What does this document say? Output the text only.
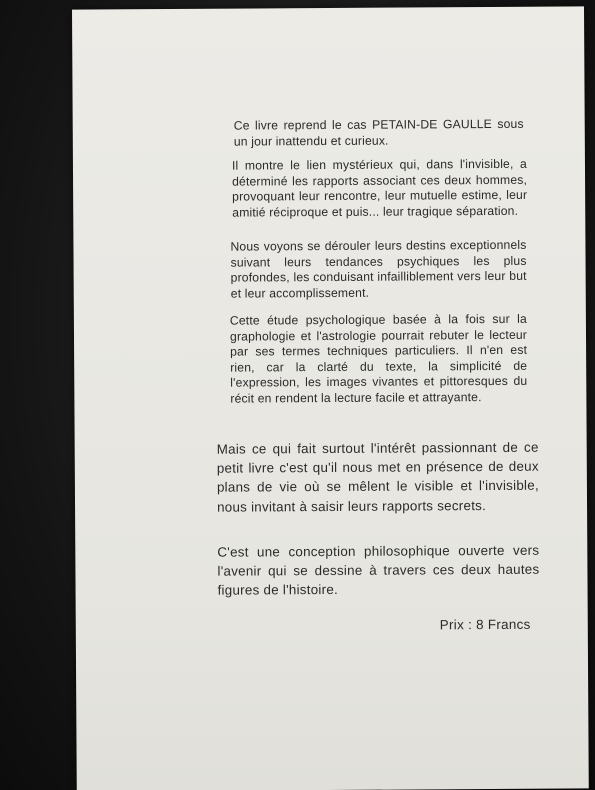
Ce livre reprend le cas PETAIN-DE GAULLE sous un jour inattendu et curieux.

Il montre le lien mystérieux qui, dans l'invisible, a déterminé les rapports associant ces deux hommes, provoquant leur rencontre, leur mutuelle estime, leur amitié réciproque et puis... leur tragique séparation.

Nous voyons se dérouler leurs destins exceptionnels suivant leurs tendances psychiques les plus profondes, les conduisant infailliblement vers leur but et leur accomplissement.

Cette étude psychologique basée à la fois sur la graphologie et l'astrologie pourrait rebuter le lecteur par ses termes techniques particuliers. Il n'en est rien, car la clarté du texte, la simplicité de l'expression, les images vivantes et pittoresques du récit en rendent la lecture facile et attrayante.

Mais ce qui fait surtout l'intérêt passionnant de ce petit livre c'est qu'il nous met en présence de deux plans de vie où se mêlent le visible et l'invisible, nous invitant à saisir leurs rapports secrets.

C'est une conception philosophique ouverte vers l'avenir qui se dessine à travers ces deux hautes figures de l'histoire.

Prix : 8 Francs
